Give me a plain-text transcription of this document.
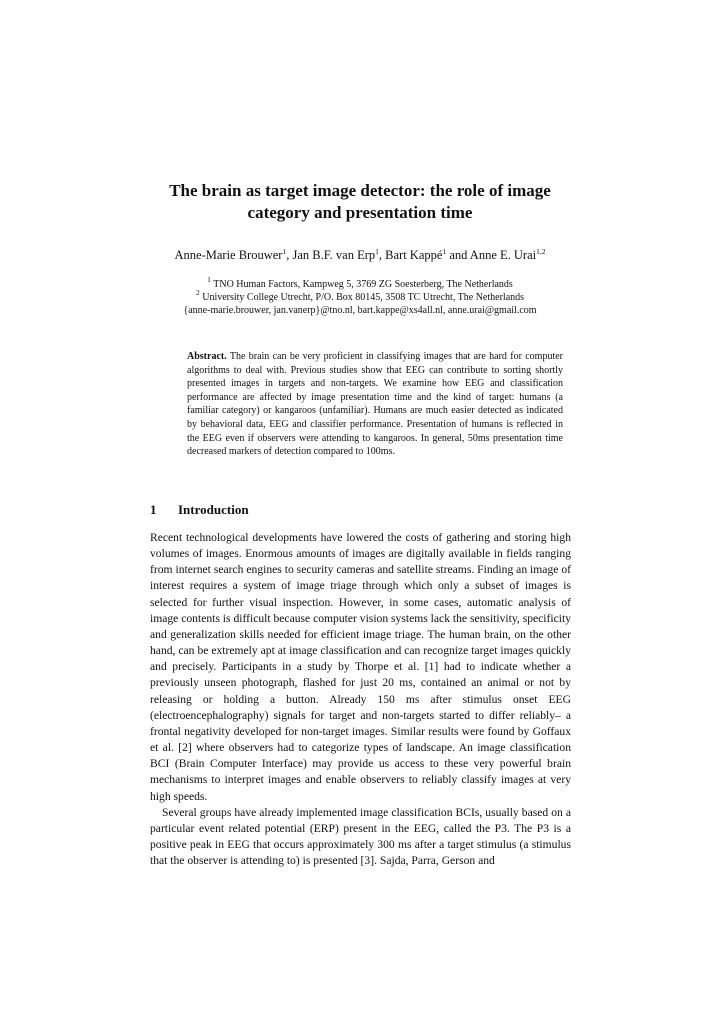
The brain as target image detector: the role of image category and presentation time
Anne-Marie Brouwer$^1$, Jan B.F. van Erp$^1$, Bart Kappé$^1$ and Anne E. Urai$^{1,2}$
$^1$ TNO Human Factors, Kampweg 5, 3769 ZG Soesterberg, The Netherlands
$^2$ University College Utrecht, P/O. Box 80145, 3508 TC Utrecht, The Netherlands
{anne-marie.brouwer, jan.vanerp}@tno.nl, bart.kappe@xs4all.nl, anne.urai@gmail.com
Abstract. The brain can be very proficient in classifying images that are hard for computer algorithms to deal with. Previous studies show that EEG can contribute to sorting shortly presented images in targets and non-targets. We examine how EEG and classification performance are affected by image presentation time and the kind of target: humans (a familiar category) or kangaroos (unfamiliar). Humans are much easier detected as indicated by behavioral data, EEG and classifier performance. Presentation of humans is reflected in the EEG even if observers were attending to kangaroos. In general, 50ms presentation time decreased markers of detection compared to 100ms.
1 Introduction

Recent technological developments have lowered the costs of gathering and storing high volumes of images. Enormous amounts of images are digitally available in fields ranging from internet search engines to security cameras and satellite streams. Finding an image of interest requires a system of image triage through which only a subset of images is selected for further visual inspection. However, in some cases, automatic analysis of image contents is difficult because computer vision systems lack the sensitivity, specificity and generalization skills needed for efficient image triage. The human brain, on the other hand, can be extremely apt at image classification and can recognize target images quickly and precisely. Participants in a study by Thorpe et al. [1] had to indicate whether a previously unseen photograph, flashed for just 20 ms, contained an animal or not by releasing or holding a button. Already 150 ms after stimulus onset EEG (electroencephalography) signals for target and non-targets started to differ reliably– a frontal negativity developed for non-target images. Similar results were found by Goffaux et al. [2] where observers had to categorize types of landscape. An image classification BCI (Brain Computer Interface) may provide us access to these very powerful brain mechanisms to interpret images and enable observers to reliably classify images at very high speeds.

Several groups have already implemented image classification BCIs, usually based on a particular event related potential (ERP) present in the EEG, called the P3. The P3 is a positive peak in EEG that occurs approximately 300 ms after a target stimulus (a stimulus that the observer is attending to) is presented [3]. Sajda, Parra, Gerson and
